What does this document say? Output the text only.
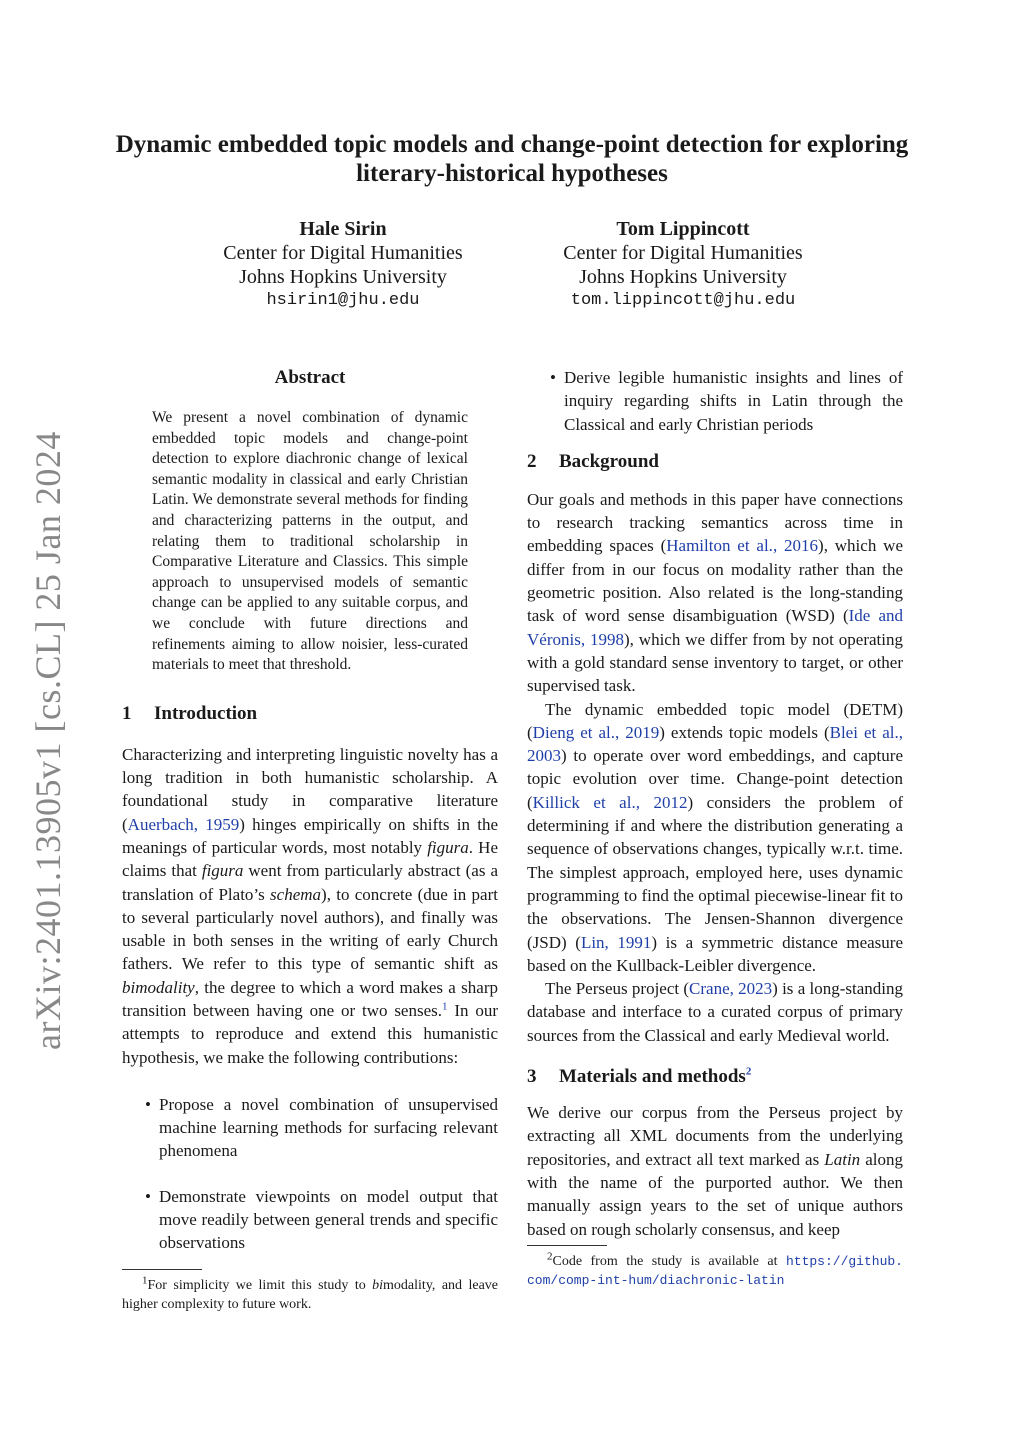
arXiv:2401.13905v1 [cs.CL] 25 Jan 2024
Dynamic embedded topic models and change-point detection for exploring literary-historical hypotheses
Hale Sirin
Center for Digital Humanities
Johns Hopkins University
hsirin1@jhu.edu
Tom Lippincott
Center for Digital Humanities
Johns Hopkins University
tom.lippincott@jhu.edu
Abstract

We present a novel combination of dynamic embedded topic models and change-point detection to explore diachronic change of lexical semantic modality in classical and early Christian Latin. We demonstrate several methods for finding and characterizing patterns in the output, and relating them to traditional scholarship in Comparative Literature and Classics. This simple approach to unsupervised models of semantic change can be applied to any suitable corpus, and we conclude with future directions and refinements aiming to allow noisier, less-curated materials to meet that threshold.

1 Introduction

Characterizing and interpreting linguistic novelty has a long tradition in both humanistic scholarship. A foundational study in comparative literature (Auerbach, 1959) hinges empirically on shifts in the meanings of particular words, most notably figura. He claims that figura went from particularly abstract (as a translation of Plato’s schema), to concrete (due in part to several particularly novel authors), and finally was usable in both senses in the writing of early Church fathers. We refer to this type of semantic shift as bimodality, the degree to which a word makes a sharp transition between having one or two senses.$^1$ In our attempts to reproduce and extend this humanistic hypothesis, we make the following contributions:

• Propose a novel combination of unsupervised machine learning methods for surfacing relevant phenomena
• Demonstrate viewpoints on model output that move readily between general trends and specific observations
$^1$For simplicity we limit this study to bimodality, and leave higher complexity to future work.
• Derive legible humanistic insights and lines of inquiry regarding shifts in Latin through the Classical and early Christian periods
2 Background

Our goals and methods in this paper have connections to research tracking semantics across time in embedding spaces (Hamilton et al., 2016), which we differ from in our focus on modality rather than the geometric position. Also related is the long-standing task of word sense disambiguation (WSD) (Ide and Véronis, 1998), which we differ from by not operating with a gold standard sense inventory to target, or other supervised task.

The dynamic embedded topic model (DETM) (Dieng et al., 2019) extends topic models (Blei et al., 2003) to operate over word embeddings, and capture topic evolution over time. Change-point detection (Killick et al., 2012) considers the problem of determining if and where the distribution generating a sequence of observations changes, typically w.r.t. time. The simplest approach, employed here, uses dynamic programming to find the optimal piecewise-linear fit to the observations. The Jensen-Shannon divergence (JSD) (Lin, 1991) is a symmetric distance measure based on the Kullback-Leibler divergence.

The Perseus project (Crane, 2023) is a long-standing database and interface to a curated corpus of primary sources from the Classical and early Medieval world.

3 Materials and methods$^2$

We derive our corpus from the Perseus project by extracting all XML documents from the underlying repositories, and extract all text marked as Latin along with the name of the purported author. We then manually assign years to the set of unique authors based on rough scholarly consensus, and keep

$^2$Code from the study is available at https://github. com/comp-int-hum/diachronic-latin
